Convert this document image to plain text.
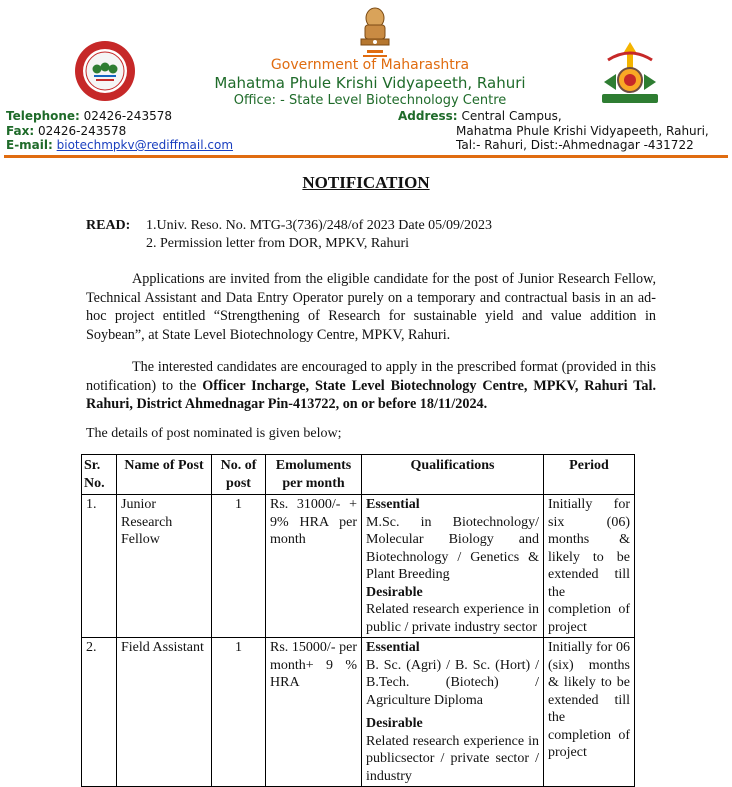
Government of Maharashtra
Mahatma Phule Krishi Vidyapeeth, Rahuri
Office: - State Level Biotechnology Centre
Telephone: 02426-243578
Fax: 02426-243578
E-mail: biotechmpkv@rediffmail.com
Address: Central Campus,
Mahatma Phule Krishi Vidyapeeth, Rahuri,
Tal:- Rahuri, Dist:-Ahmednagar -431722
NOTIFICATION
READ: 1.Univ. Reso. No. MTG-3(736)/248/of 2023 Date 05/09/2023
2. Permission letter from DOR, MPKV, Rahuri
Applications are invited from the eligible candidate for the post of Junior Research Fellow, Technical Assistant and Data Entry Operator purely on a temporary and contractual basis in an ad-hoc project entitled “Strengthening of Research for sustainable yield and value addition in Soybean”, at State Level Biotechnology Centre, MPKV, Rahuri.
The interested candidates are encouraged to apply in the prescribed format (provided in this notification) to the Officer Incharge, State Level Biotechnology Centre, MPKV, Rahuri Tal. Rahuri, District Ahmednagar Pin-413722, on or before 18/11/2024.
The details of post nominated is given below;
Sr. No.	Name of Post	No. of post	Emoluments per month	Qualifications	Period
1.	Junior Research Fellow	1	Rs. 31000/- + 9% HRA per month	Essential
M.Sc. in Biotechnology/ Molecular Biology and Biotechnology / Genetics & Plant Breeding
Desirable
Related research experience in public / private industry sector	Initially for six (06) months & likely to be extended till the completion of project
2.	Field Assistant	1	Rs. 15000/- per month+ 9 % HRA	Essential
B. Sc. (Agri) / B. Sc. (Hort) / B.Tech. (Biotech) / Agriculture Diploma
Desirable
Related research experience in publicsector / private sector / industry	Initially for 06 (six) months & likely to be extended till the completion of project
